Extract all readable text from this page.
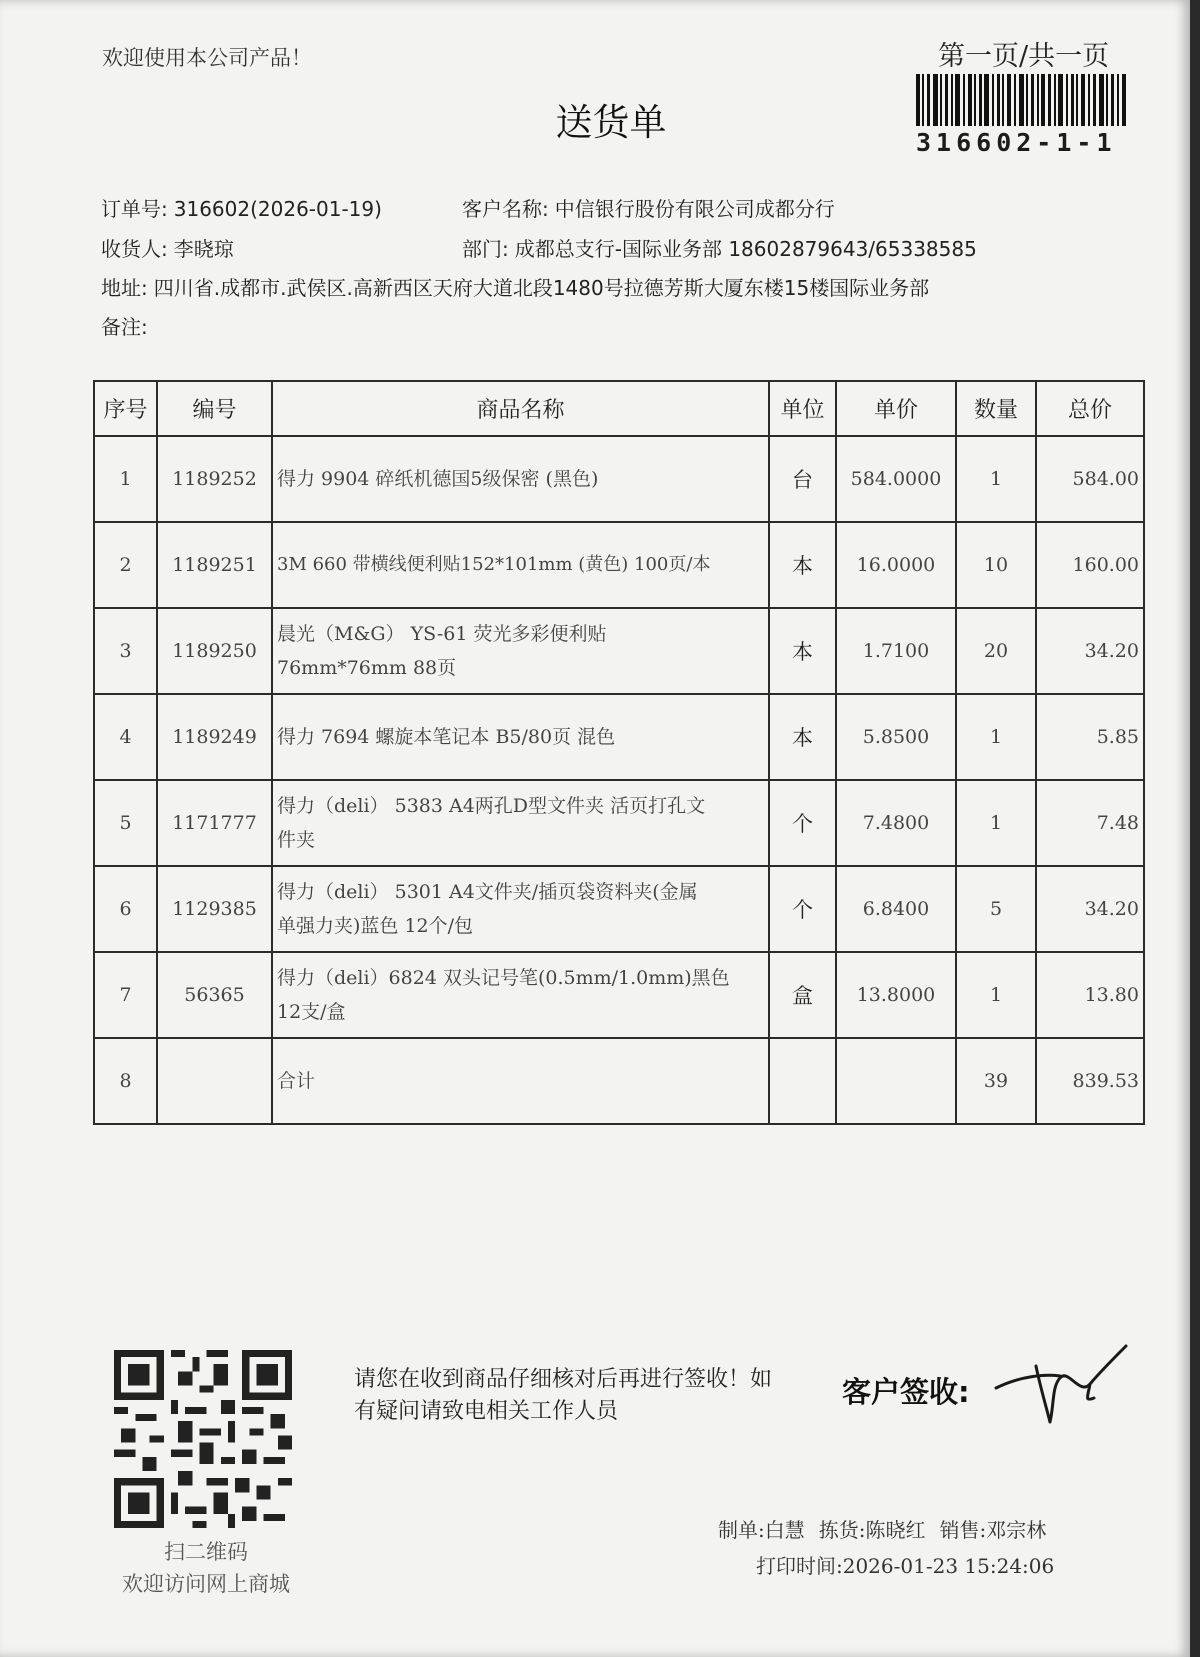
欢迎使用本公司产品！	第一页/共一页
316602-1-1
送货单
订单号: 316602(2026-01-19)	客户名称: 中信银行股份有限公司成都分行
收货人: 李晓琼	部门: 成都总支行-国际业务部 18602879643/65338585
地址: 四川省.成都市.武侯区.高新西区天府大道北段1480号拉德芳斯大厦东楼15楼国际业务部
备注:
序号	编号	商品名称	单位	单价	数量	总价
1	1189252	得力 9904 碎纸机德国5级保密 (黑色)	台	584.0000	1	584.00
2	1189251	3M 660 带横线便利贴152*101mm (黄色) 100页/本	本	16.0000	10	160.00
3	1189250	晨光（M&G） YS-61 荧光多彩便利贴
76mm*76mm 88页	本	1.7100	20	34.20
4	1189249	得力 7694 螺旋本笔记本 B5/80页 混色	本	5.8500	1	5.85
5	1171777	得力（deli） 5383 A4两孔D型文件夹 活页打孔文
件夹	个	7.4800	1	7.48
6	1129385	得力（deli） 5301 A4文件夹/插页袋资料夹(金属
单强力夹)蓝色 12个/包	个	6.8400	5	34.20
7	56365	得力（deli）6824 双头记号笔(0.5mm/1.0mm)黑色
12支/盒	盒	13.8000	1	13.80
8		合计			39	839.53
扫二维码
欢迎访问网上商城
请您在收到商品仔细核对后再进行签收！如有疑问请致电相关工作人员
客户签收:
制单:白慧 拣货:陈晓红 销售:邓宗林
打印时间:2026-01-23 15:24:06
